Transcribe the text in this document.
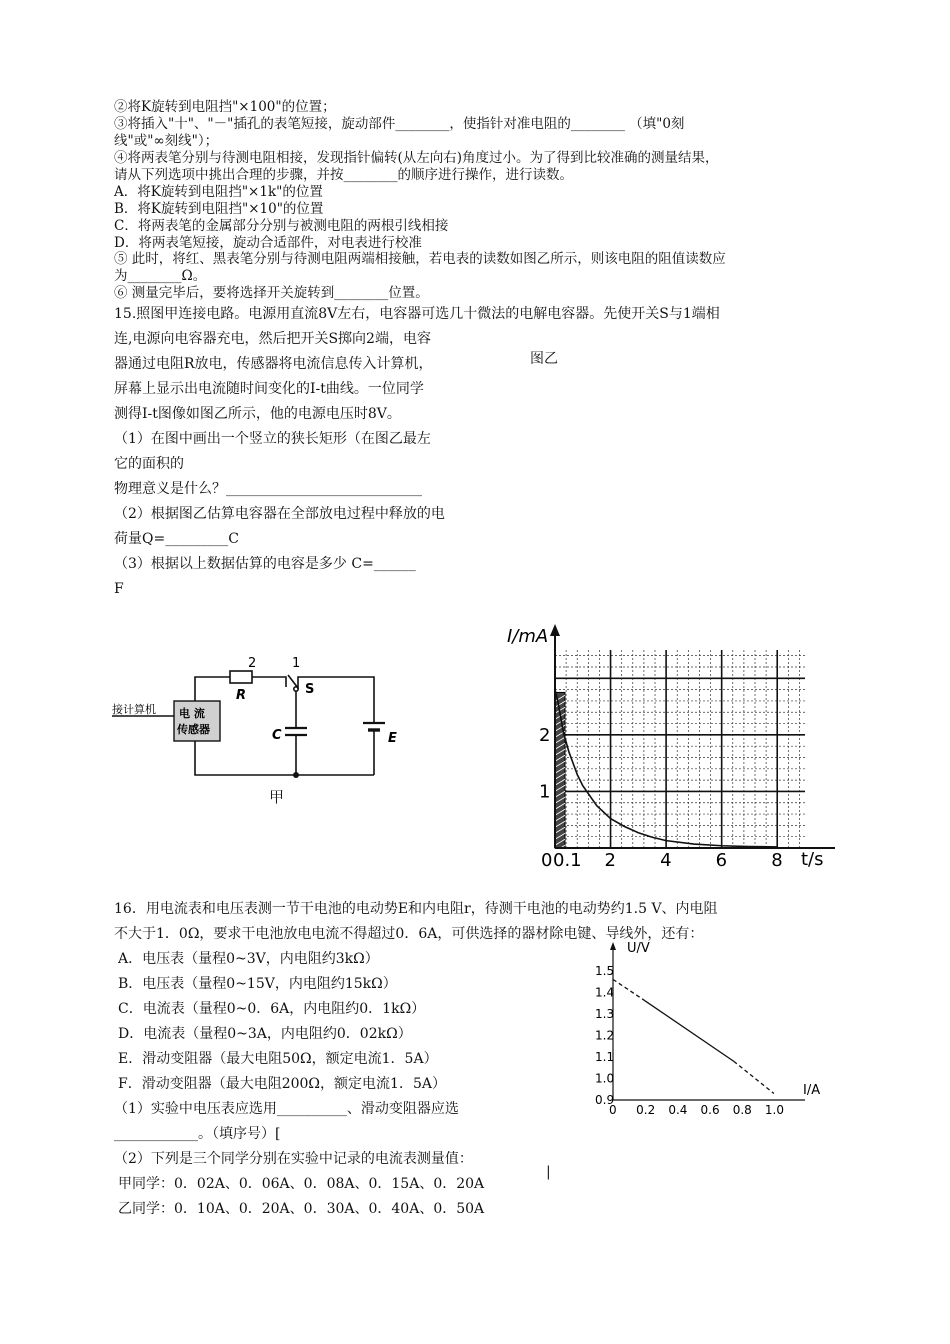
②将K旋转到电阻挡"×100"的位置；
③将插入"十"、"－"插孔的表笔短接，旋动部件________，使指针对准电阻的________ （填"0刻
线"或"∞刻线"）；
④将两表笔分别与待测电阻相接，发现指针偏转(从左向右)角度过小。为了得到比较准确的测量结果，
请从下列选项中挑出合理的步骤，并按________的顺序进行操作，进行读数。
A．将K旋转到电阻挡"×1k"的位置
B．将K旋转到电阻挡"×10"的位置
C．将两表笔的金属部分分别与被测电阻的两根引线相接
D．将两表笔短接，旋动合适部件，对电表进行校准
⑤ 此时，将红、黑表笔分别与待测电阻两端相接触，若电表的读数如图乙所示，则该电阻的阻值读数应
为________Ω。
⑥ 测量完毕后，要将选择开关旋转到________位置。
15.照图甲连接电路。电源用直流8V左右，电容器可选几十微法的电解电容器。先使开关S与1端相
连,电源向电容器充电，然后把开关S掷向2端，电容
器通过电阻R放电，传感器将电流信息传入计算机，	图乙
屏幕上显示出电流随时间变化的I-t曲线。一位同学
测得I-t图像如图乙所示，他的电源电压时8V。
（1）在图中画出一个竖立的狭长矩形（在图乙最左
它的面积的
物理意义是什么？____________________________
（2）根据图乙估算电容器在全部放电过程中释放的电
荷量Q=_________C
（3）根据以上数据估算的电容是多少 C=______
F
接计算机 电 流
传感器
2	1
R	S
C	E
甲
I/mA
t/s
0 0.1 2 4 6 8
1
2
16．用电流表和电压表测一节干电池的电动势E和内电阻r，待测干电池的电动势约1.5 V、内电阻
不大于1．0Ω，要求干电池放电电流不得超过0．6A，可供选择的器材除电键、导线外，还有：
A．电压表（量程0~3V，内电阻约3kΩ）
B．电压表（量程0~15V，内电阻约15kΩ）
C．电流表（量程0~0．6A，内电阻约0．1kΩ）
D．电流表（量程0~3A，内电阻约0．02kΩ）
E．滑动变阻器（最大电阻50Ω，额定电流1．5A）
F．滑动变阻器（最大电阻200Ω，额定电流1．5A）
（1）实验中电压表应选用__________、滑动变阻器应选
____________。（填序号）[
（2）下列是三个同学分别在实验中记录的电流表测量值：
|
甲同学：0．02A、0．06A、0．08A、0．15A、0．20A
乙同学：0．10A、0．20A、0．30A、0．40A、0．50A
U/V
I/A
0 0.2 0.4 0.6 0.8 1.0
0.9
1.0
1.1
1.2
1.3
1.4
1.5
